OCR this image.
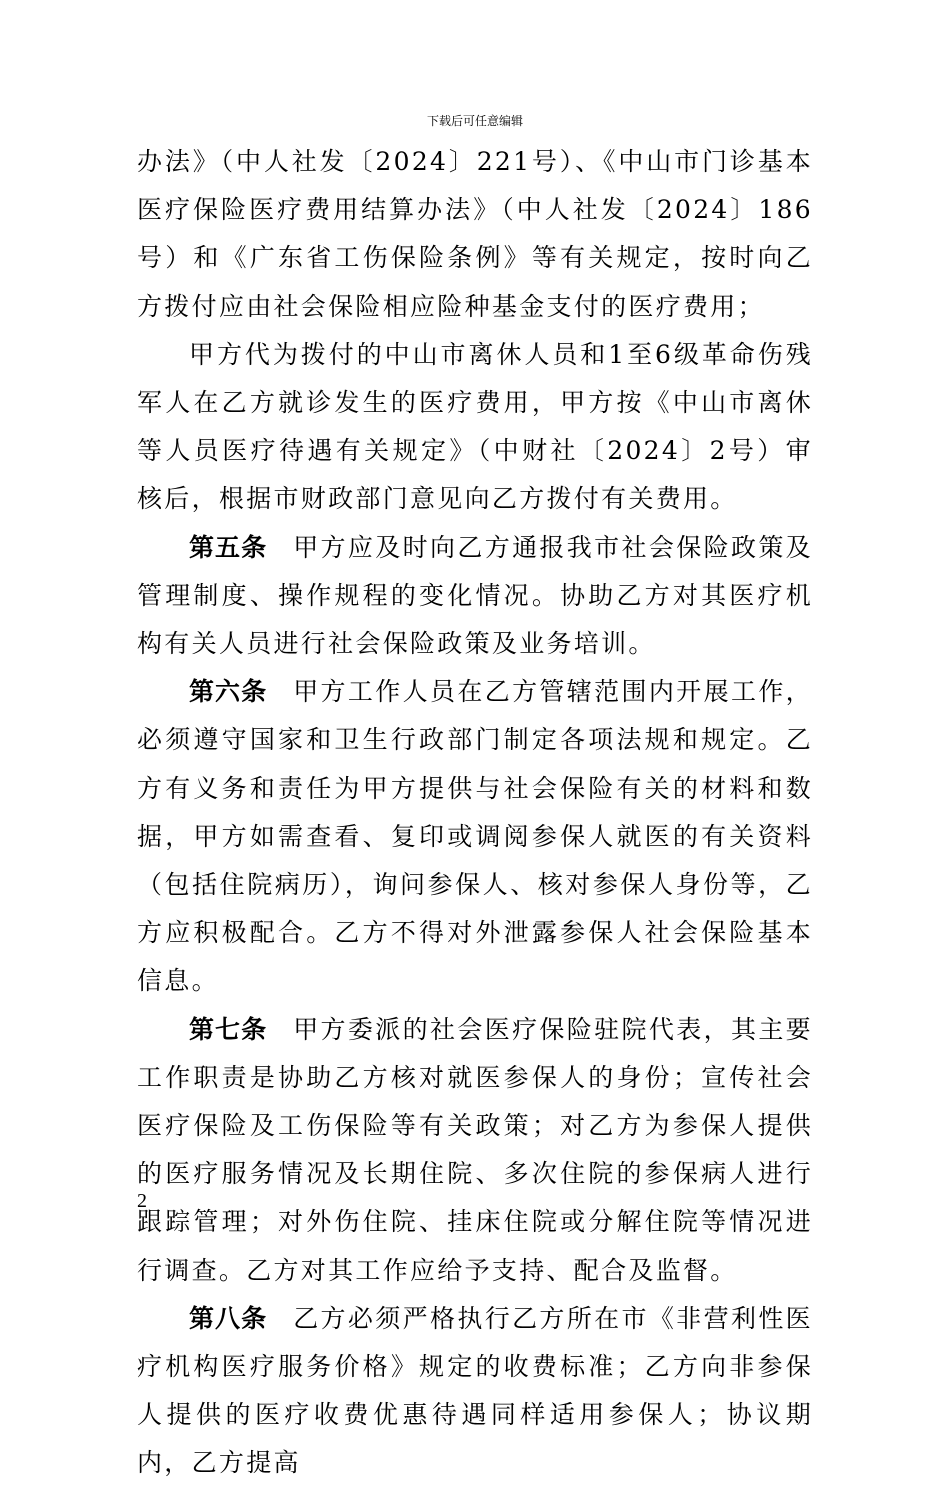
下载后可任意编辑

办法》（中人社发〔2024〕221号）、《中山市门诊基本医疗保险医疗费用结算办法》（中人社发〔2024〕186号）和《广东省工伤保险条例》等有关规定，按时向乙方拨付应由社会保险相应险种基金支付的医疗费用；

甲方代为拨付的中山市离休人员和1至6级革命伤残军人在乙方就诊发生的医疗费用，甲方按《中山市离休等人员医疗待遇有关规定》（中财社〔2024〕2号）审核后，根据市财政部门意见向乙方拨付有关费用。

第五条 甲方应及时向乙方通报我市社会保险政策及管理制度、操作规程的变化情况。协助乙方对其医疗机构有关人员进行社会保险政策及业务培训。

第六条 甲方工作人员在乙方管辖范围内开展工作，必须遵守国家和卫生行政部门制定各项法规和规定。乙方有义务和责任为甲方提供与社会保险有关的材料和数据，甲方如需查看、复印或调阅参保人就医的有关资料（包括住院病历），询问参保人、核对参保人身份等，乙方应积极配合。乙方不得对外泄露参保人社会保险基本信息。

第七条 甲方委派的社会医疗保险驻院代表，其主要工作职责是协助乙方核对就医参保人的身份；宣传社会医疗保险及工伤保险等有关政策；对乙方为参保人提供的医疗服务情况及长期住院、多次住院的参保病人进行跟踪管理；对外伤住院、挂床住院或分解住院等情况进行调查。乙方对其工作应给予支持、配合及监督。

第八条 乙方必须严格执行乙方所在市《非营利性医疗机构医疗服务价格》规定的收费标准；乙方向非参保人提供的医疗收费优惠待遇同样适用参保人；协议期内，乙方提高

2
